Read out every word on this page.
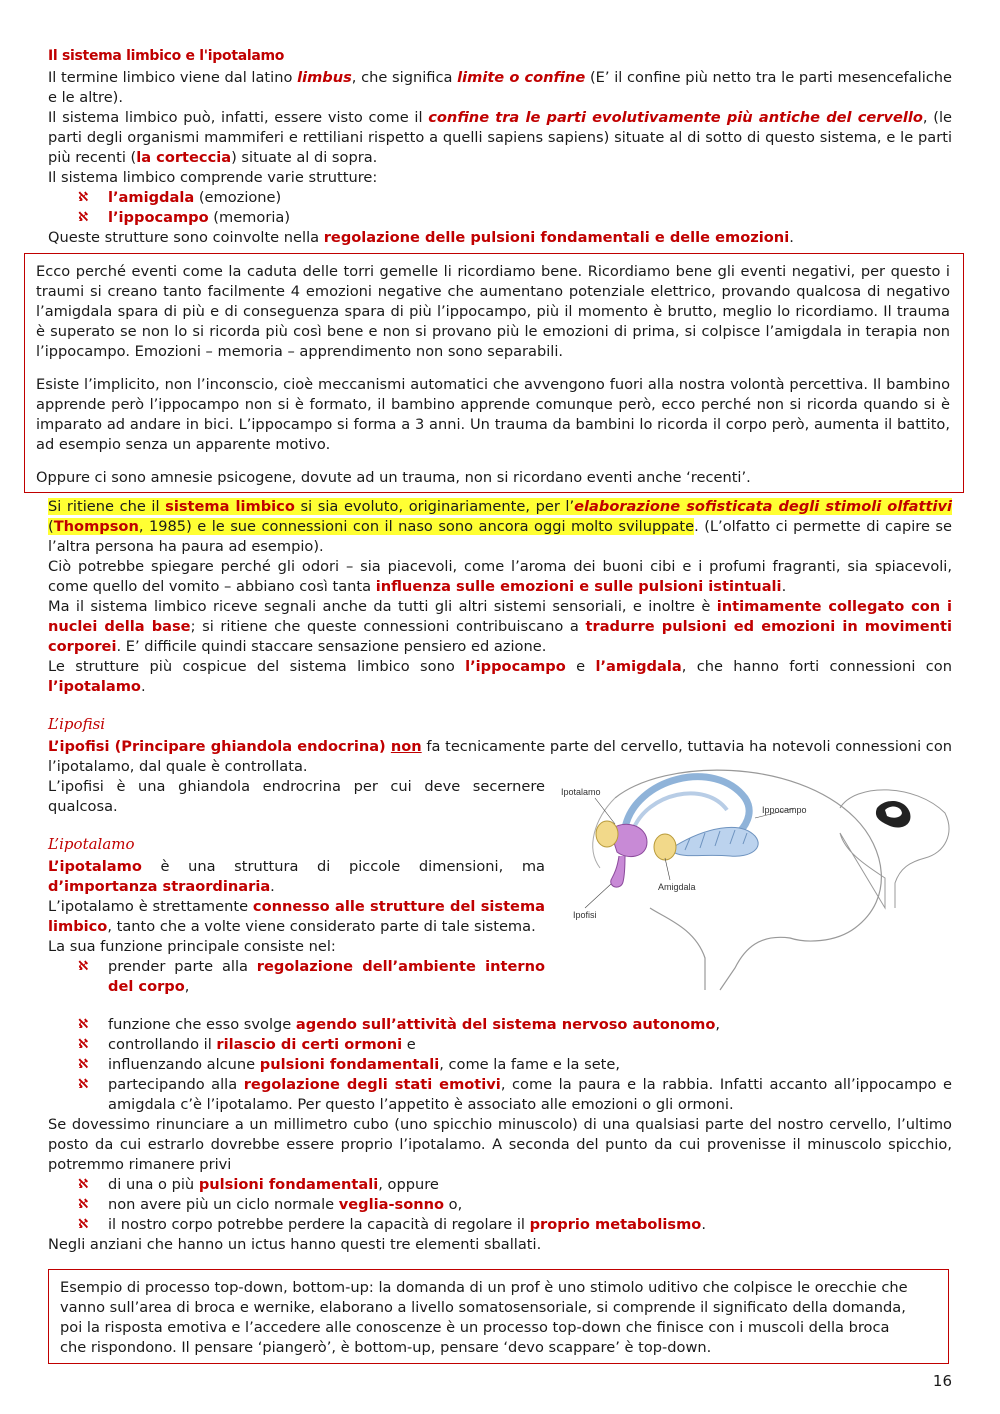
Il sistema limbico e l'ipotalamo
Il termine limbico viene dal latino limbus, che significa limite o confine (E’ il confine più netto tra le parti mesencefaliche e le altre).
Il sistema limbico può, infatti, essere visto come il confine tra le parti evolutivamente più antiche del cervello, (le parti degli organismi mammiferi e rettiliani rispetto a quelli sapiens sapiens) situate al di sotto di questo sistema, e le parti più recenti (la corteccia) situate al di sopra.
Il sistema limbico comprende varie strutture:
ℵ l’amigdala (emozione)
ℵ l’ippocampo (memoria)
Queste strutture sono coinvolte nella regolazione delle pulsioni fondamentali e delle emozioni.

Ecco perché eventi come la caduta delle torri gemelle li ricordiamo bene. Ricordiamo bene gli eventi negativi, per questo i traumi si creano tanto facilmente 4 emozioni negative che aumentano potenziale elettrico, provando qualcosa di negativo l’amigdala spara di più e di conseguenza spara di più l’ippocampo, più il momento è brutto, meglio lo ricordiamo. Il trauma è superato se non lo si ricorda più così bene e non si provano più le emozioni di prima, si colpisce l’amigdala in terapia non l’ippocampo. Emozioni – memoria – apprendimento non sono separabili.

Esiste l’implicito, non l’inconscio, cioè meccanismi automatici che avvengono fuori alla nostra volontà percettiva. Il bambino apprende però l’ippocampo non si è formato, il bambino apprende comunque però, ecco perché non si ricorda quando si è imparato ad andare in bici. L’ippocampo si forma a 3 anni. Un trauma da bambini lo ricorda il corpo però, aumenta il battito, ad esempio senza un apparente motivo.

Oppure ci sono amnesie psicogene, dovute ad un trauma, non si ricordano eventi anche ‘recenti’.

Si ritiene che il sistema limbico si sia evoluto, originariamente, per l’elaborazione sofisticata degli stimoli olfattivi (Thompson, 1985) e le sue connessioni con il naso sono ancora oggi molto sviluppate. (L’olfatto ci permette di capire se l’altra persona ha paura ad esempio).
Ciò potrebbe spiegare perché gli odori – sia piacevoli, come l’aroma dei buoni cibi e i profumi fragranti, sia spiacevoli, come quello del vomito – abbiano così tanta influenza sulle emozioni e sulle pulsioni istintuali.
Ma il sistema limbico riceve segnali anche da tutti gli altri sistemi sensoriali, e inoltre è intimamente collegato con i nuclei della base; si ritiene che queste connessioni contribuiscano a tradurre pulsioni ed emozioni in movimenti corporei. E’ difficile quindi staccare sensazione pensiero ed azione.
Le strutture più cospicue del sistema limbico sono l’ippocampo e l’amigdala, che hanno forti connessioni con l’ipotalamo.
L’ipofisi
L’ipofisi (Principare ghiandola endocrina) non fa tecnicamente parte del cervello, tuttavia ha notevoli connessioni con l’ipotalamo, dal quale è controllata.
L’ipofisi è una ghiandola endrocrina per cui deve secernere qualcosa.
L’ipotalamo
L’ipotalamo è una struttura di piccole dimensioni, ma d’importanza straordinaria.
L’ipotalamo è strettamente connesso alle strutture del sistema limbico, tanto che a volte viene considerato parte di tale sistema.
La sua funzione principale consiste nel:
ℵ prender parte alla regolazione dell’ambiente interno del corpo,
ℵ funzione che esso svolge agendo sull’attività del sistema nervoso autonomo,
ℵ controllando il rilascio di certi ormoni e
ℵ influenzando alcune pulsioni fondamentali, come la fame e la sete,
ℵ partecipando alla regolazione degli stati emotivi, come la paura e la rabbia. Infatti accanto all’ippocampo e amigdala c’è l’ipotalamo. Per questo l’appetito è associato alle emozioni o gli ormoni.
Se dovessimo rinunciare a un millimetro cubo (uno spicchio minuscolo) di una qualsiasi parte del nostro cervello, l’ultimo posto da cui estrarlo dovrebbe essere proprio l’ipotalamo. A seconda del punto da cui provenisse il minuscolo spicchio, potremmo rimanere privi
ℵ di una o più pulsioni fondamentali, oppure
ℵ non avere più un ciclo normale veglia-sonno o,
ℵ il nostro corpo potrebbe perdere la capacità di regolare il proprio metabolismo.
Negli anziani che hanno un ictus hanno questi tre elementi sballati.
Ipotalamo
Ippocampo
Amigdala
Ipofisi

Esempio di processo top-down, bottom-up: la domanda di un prof è uno stimolo uditivo che colpisce le orecchie che vanno sull’area di broca e wernike, elaborano a livello somatosensoriale, si comprende il significato della domanda, poi la risposta emotiva e l’accedere alle conoscenze è un processo top-down che finisce con i muscoli della broca che rispondono. Il pensare ‘piangerò’, è bottom-up, pensare ‘devo scappare’ è top-down.

16
